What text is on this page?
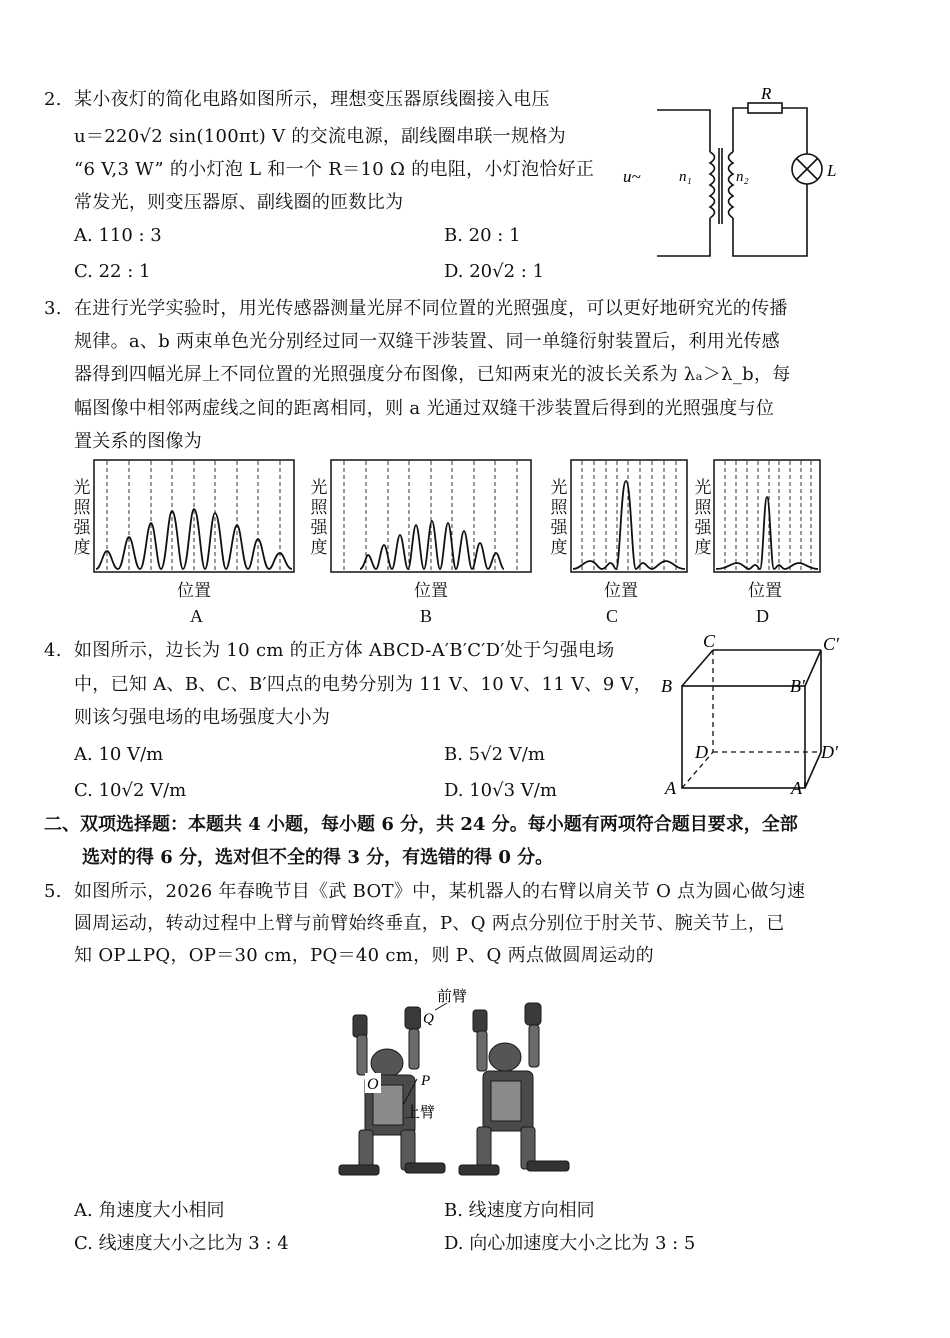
2. 某小夜灯的简化电路如图所示，理想变压器原线圈接入电压
u＝220√2 sin(100πt) V 的交流电源，副线圈串联一规格为
“6 V,3 W” 的小灯泡 L 和一个 R＝10 Ω 的电阻，小灯泡恰好正
常发光，则变压器原、副线圈的匝数比为
A. 110 : 3	B. 20 : 1
C. 22 : 1	D. 20√2 : 1
R
L
u~	n₁	n₂
3. 在进行光学实验时，用光传感器测量光屏不同位置的光照强度，可以更好地研究光的传播
规律。a、b 两束单色光分别经过同一双缝干涉装置、同一单缝衍射装置后，利用光传感
器得到四幅光屏上不同位置的光照强度分布图像，已知两束光的波长关系为 λₐ＞λ_b，每
幅图像中相邻两虚线之间的距离相同，则 a 光通过双缝干涉装置后得到的光照强度与位
置关系的图像为
光
照
强
度
位置
A
光
照
强
度
位置
B
光
照
强
度
位置
C
光
照
强
度
位置
D
4. 如图所示，边长为 10 cm 的正方体 ABCD-A′B′C′D′处于匀强电场
中，已知 A、B、C、B′四点的电势分别为 11 V、10 V、11 V、9 V，
则该匀强电场的电场强度大小为
A. 10 V/m	B. 5√2 V/m
C. 10√2 V/m	D. 10√3 V/m
C	C′
B	B′
D	D′
A	A′
二、双项选择题：本题共 4 小题，每小题 6 分，共 24 分。每小题有两项符合题目要求，全部
选对的得 6 分，选对但不全的得 3 分，有选错的得 0 分。
5. 如图所示，2026 年春晚节目《武 BOT》中，某机器人的右臂以肩关节 O 点为圆心做匀速
圆周运动，转动过程中上臂与前臂始终垂直，P、Q 两点分别位于肘关节、腕关节上，已
知 OP⊥PQ，OP＝30 cm，PQ＝40 cm，则 P、Q 两点做圆周运动的
前臂
上臂
O	P
Q
A. 角速度大小相同	B. 线速度方向相同
C. 线速度大小之比为 3 : 4	D. 向心加速度大小之比为 3 : 5
